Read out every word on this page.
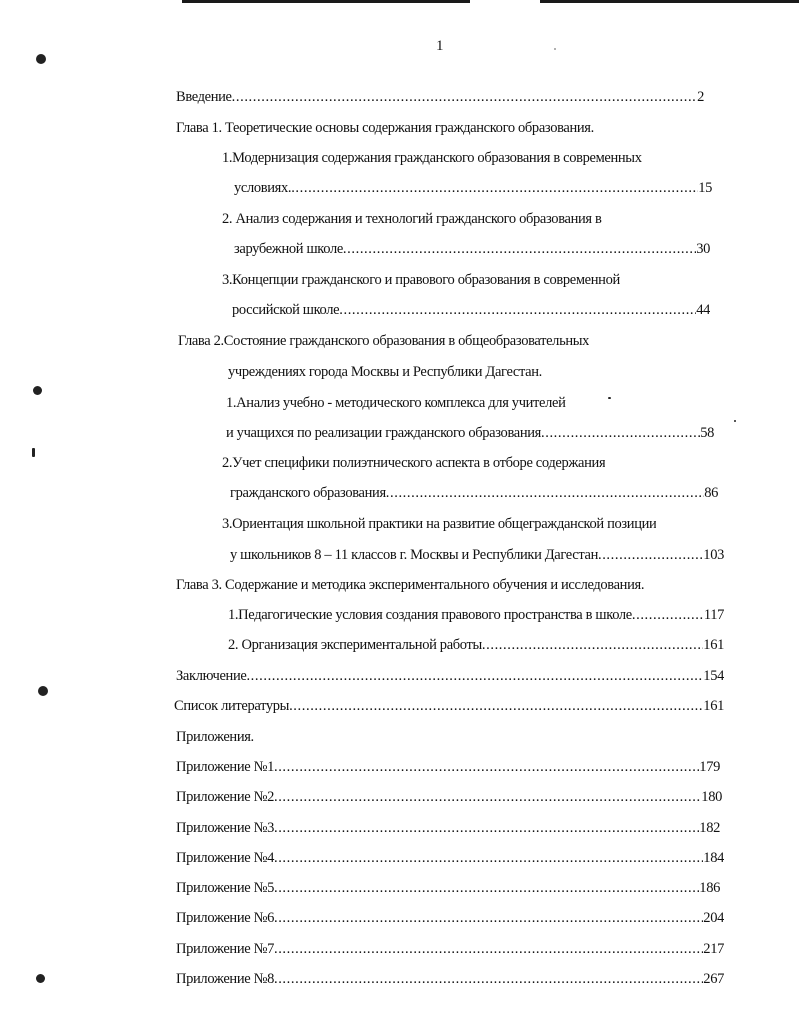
1
Введение .....	2
Глава 1. Теоретические основы содержания гражданского образования.
1.Модернизация содержания гражданского образования в современных
условиях. .....	15
2. Анализ содержания и технологий гражданского образования в
зарубежной школе .....	30
3.Концепции гражданского и правового образования в современной
российской школе .....	44
Глава 2.Состояние гражданского образования в общеобразовательных
учреждениях города Москвы и Республики Дагестан.
1.Анализ учебно - методического комплекса для учителей
и учащихся по реализации гражданского образования .....	58
2.Учет специфики полиэтнического аспекта в отборе содержания
гражданского образования .....	86
3.Ориентация школьной практики на развитие общегражданской позиции
у школьников 8 – 11 классов г. Москвы и Республики Дагестан .....	103
Глава 3. Содержание и методика экспериментального обучения и исследования.
1.Педагогические условия создания правового пространства в школе .....	117
2. Организация экспериментальной работы .....	161
Заключение .....	154
Список литературы .....	161
Приложения.
Приложение №1 .....	179
Приложение №2 .....	180
Приложение №3 .....	182
Приложение №4 .....	184
Приложение №5 .....	186
Приложение №6 .....	204
Приложение №7 .....	217
Приложение №8 .....	267
